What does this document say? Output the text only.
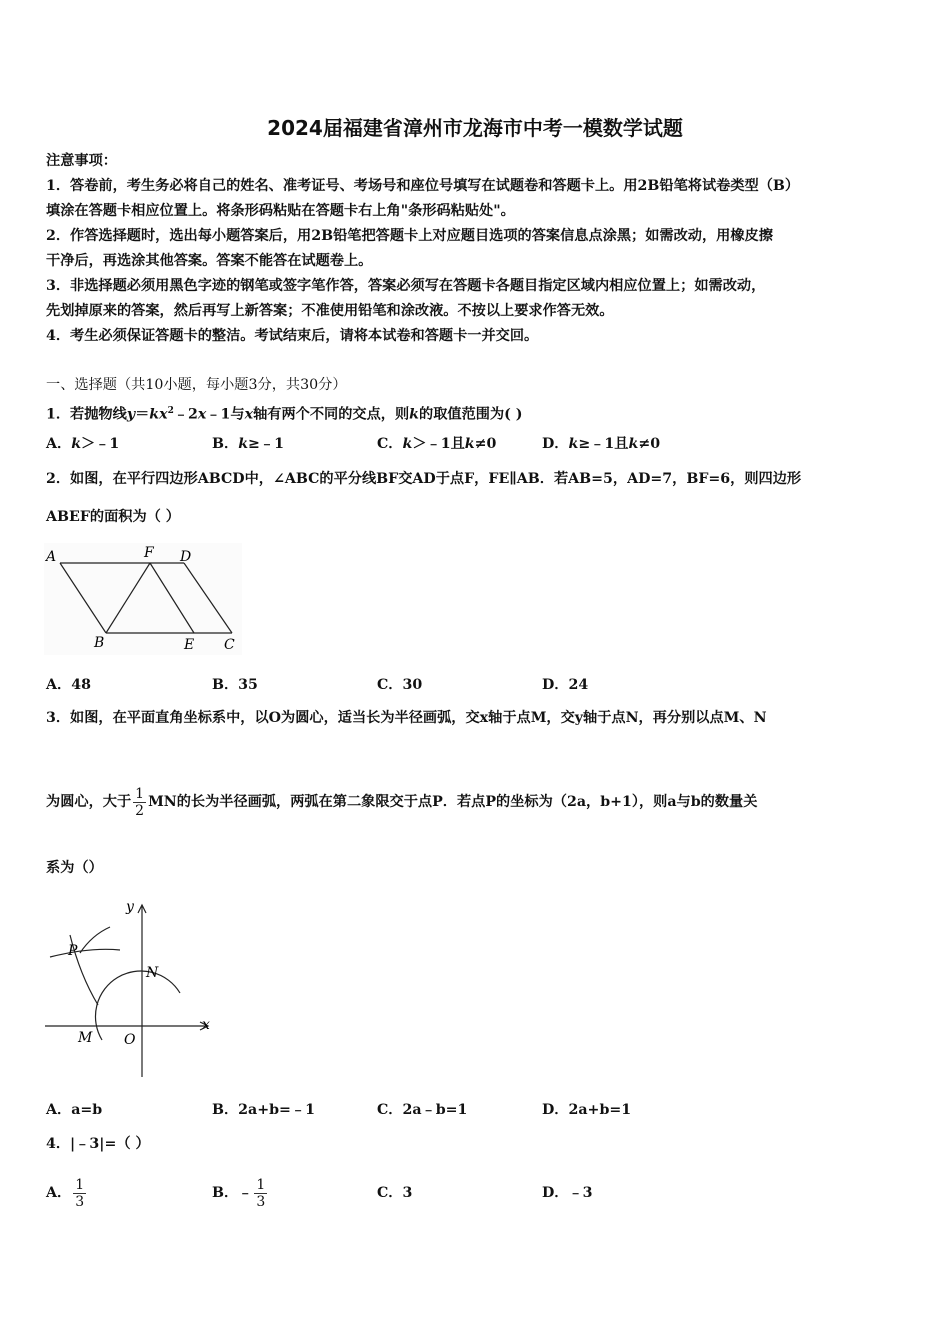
2024届福建省漳州市龙海市中考一模数学试题
注意事项：
1．答卷前，考生务必将自己的姓名、准考证号、考场号和座位号填写在试题卷和答题卡上。用2B铅笔将试卷类型（B）
填涂在答题卡相应位置上。将条形码粘贴在答题卡右上角"条形码粘贴处"。
2．作答选择题时，选出每小题答案后，用2B铅笔把答题卡上对应题目选项的答案信息点涂黑；如需改动，用橡皮擦
干净后，再选涂其他答案。答案不能答在试题卷上。
3．非选择题必须用黑色字迹的钢笔或签字笔作答，答案必须写在答题卡各题目指定区域内相应位置上；如需改动，
先划掉原来的答案，然后再写上新答案；不准使用铅笔和涂改液。不按以上要求作答无效。
4．考生必须保证答题卡的整洁。考试结束后，请将本试卷和答题卡一并交回。
一、选择题（共10小题，每小题3分，共30分）
1．若抛物线$y=kx^2﹣2x﹣1$与x轴有两个不同的交点，则k的取值范围为( )
A．k＞﹣1	B．k≥﹣1	C．k＞﹣1且k≠0	D．k≥﹣1且k≠0
2．如图，在平行四边形ABCD中，∠ABC的平分线BF交AD于点F，FE∥AB．若AB=5，AD=7，BF=6，则四边形
ABEF的面积为（ ）
A	F D
B	E C
A．48	B．35	C．30	D．24
3．如图，在平面直角坐标系中，以O为圆心，适当长为半径画弧，交x轴于点M，交y轴于点N，再分别以点M、N
为圆心，大于 $\frac{1}{2}$ MN的长为半径画弧，两弧在第二象限交于点P．若点P的坐标为（2a，b+1），则a与b的数量关
系为（）
y
x
P
N
M O
A．a=b	B．2a+b=﹣1	C．2a﹣b=1	D．2a+b=1
4．|﹣3|=（ ）
A． $\frac{1}{3}$	B．﹣ $\frac{1}{3}$	C．3	D．﹣3
